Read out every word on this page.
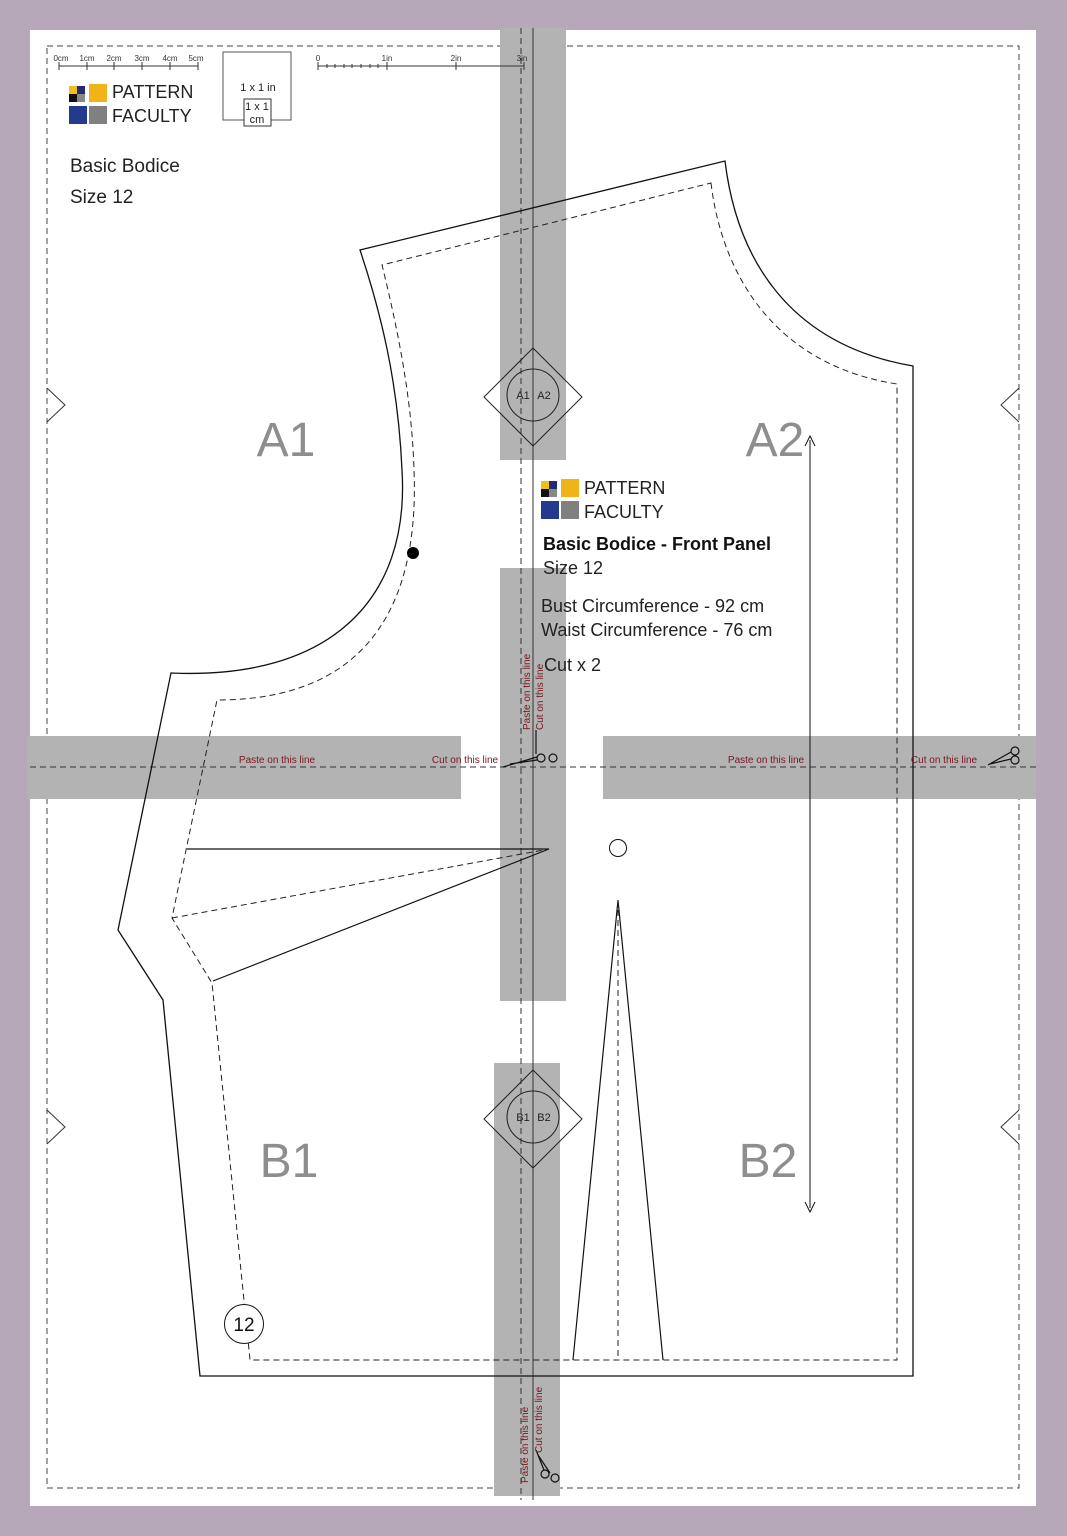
PATTERN
FACULTY
Basic Bodice
Size 12
1 x 1 in
1 x 1
cm
0cm 1cm 2cm 3cm 4cm 5cm	0	1in	2in	3in
A1	A2
B1	B2
A1 A2
B1 B2
PATTERN
FACULTY
Basic Bodice - Front Panel
Size 12
Bust Circumference - 92 cm
Waist Circumference - 76 cm
Cut x 2
Paste on this line	Cut on this line	Paste on this line	Cut on this line
Paste on this line Cut on this line
Paste on this line Cut on this line
12
